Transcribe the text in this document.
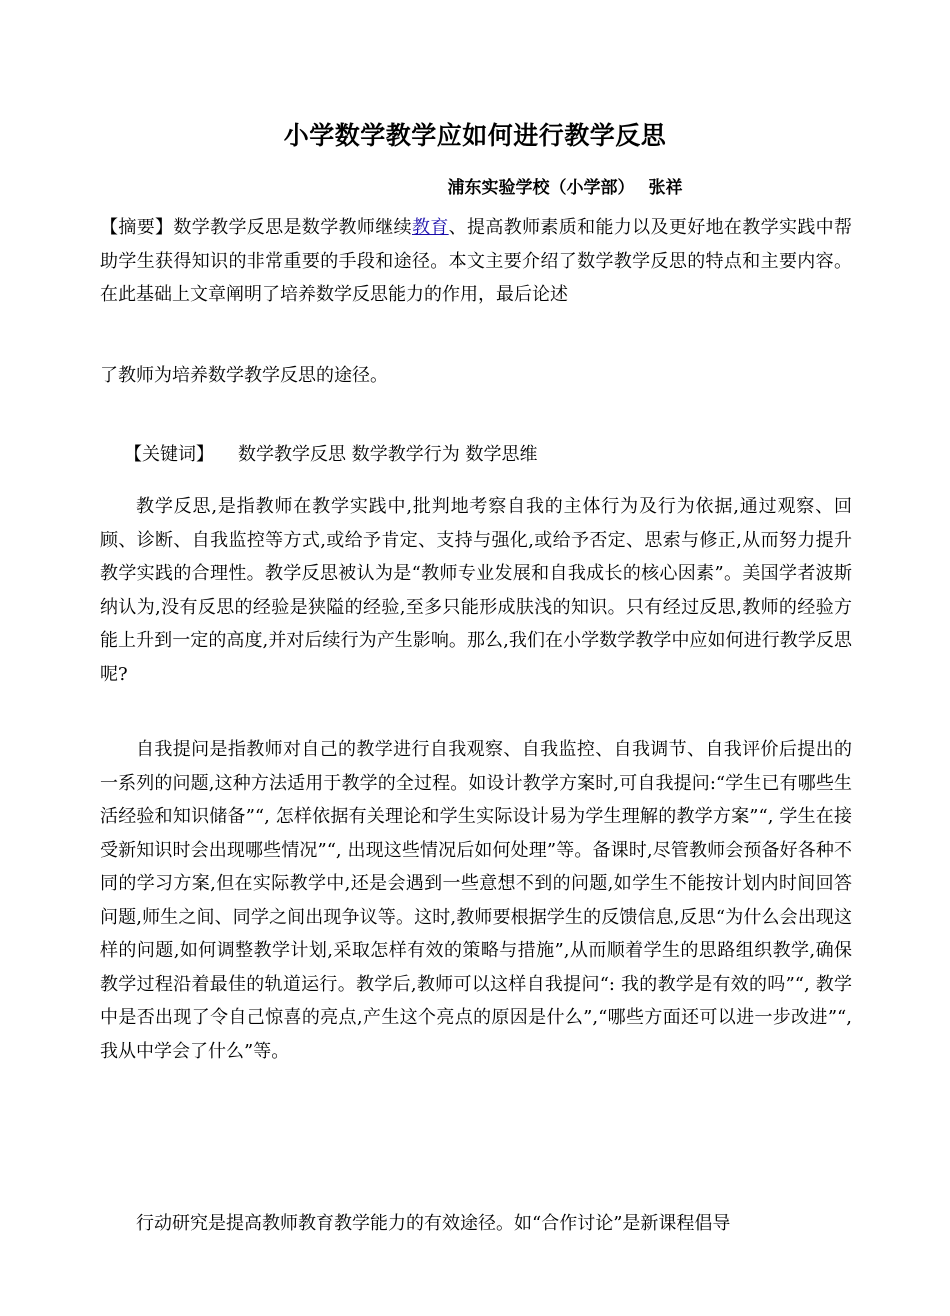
小学数学教学应如何进行教学反思
浦东实验学校（小学部） 张祥

【摘要】数学教学反思是数学教师继续教育、提高教师素质和能力以及更好地在教学实践中帮助学生获得知识的非常重要的手段和途径。本文主要介绍了数学教学反思的特点和主要内容。在此基础上文章阐明了培养数学反思能力的作用，最后论述

了教师为培养数学教学反思的途径。

【关键词】 数学教学反思 数学教学行为 数学思维

教学反思,是指教师在教学实践中,批判地考察自我的主体行为及行为依据,通过观察、回顾、诊断、自我监控等方式,或给予肯定、支持与强化,或给予否定、思索与修正,从而努力提升教学实践的合理性。教学反思被认为是“教师专业发展和自我成长的核心因素”。美国学者波斯纳认为,没有反思的经验是狭隘的经验,至多只能形成肤浅的知识。只有经过反思,教师的经验方能上升到一定的高度,并对后续行为产生影响。那么,我们在小学数学教学中应如何进行教学反思呢?

自我提问是指教师对自己的教学进行自我观察、自我监控、自我调节、自我评价后提出的一系列的问题,这种方法适用于教学的全过程。如设计教学方案时,可自我提问:“学生已有哪些生活经验和知识储备”“, 怎样依据有关理论和学生实际设计易为学生理解的教学方案”“, 学生在接受新知识时会出现哪些情况”“, 出现这些情况后如何处理”等。备课时,尽管教师会预备好各种不同的学习方案,但在实际教学中,还是会遇到一些意想不到的问题,如学生不能按计划内时间回答问题,师生之间、同学之间出现争议等。这时,教师要根据学生的反馈信息,反思“为什么会出现这样的问题,如何调整教学计划,采取怎样有效的策略与措施”,从而顺着学生的思路组织教学,确保教学过程沿着最佳的轨道运行。教学后,教师可以这样自我提问“: 我的教学是有效的吗”“, 教学中是否出现了令自己惊喜的亮点,产生这个亮点的原因是什么”,“哪些方面还可以进一步改进”“, 我从中学会了什么”等。

行动研究是提高教师教育教学能力的有效途径。如“合作讨论”是新课程倡导
